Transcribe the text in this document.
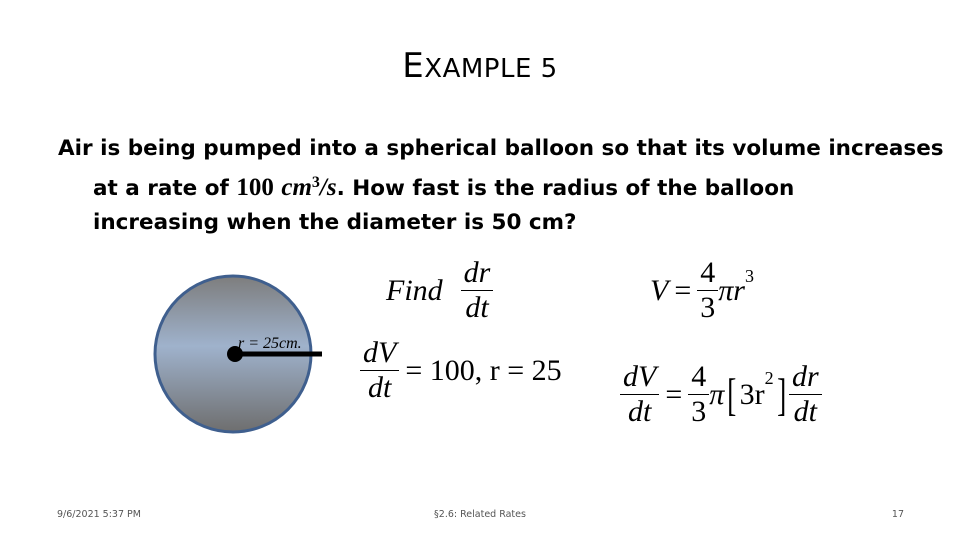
EXAMPLE 5
Air is being pumped into a spherical balloon so that its volume increases
at a rate of 100 $cm^3/s$. How fast is the radius of the balloon
increasing when the diameter is 50 cm?
r = 25cm.
Find $\frac{dr}{dt}$	$V = \frac{4}{3}$ π $r^3$
$\frac{dV}{dt} = 100$, $r = 25 \frac{dV}{dt} = \frac{4}{3}$ π [ $3r^2$ ] $\frac{dr}{dt}$
9/6/2021 5:37 PM	§2.6: Related Rates	17
